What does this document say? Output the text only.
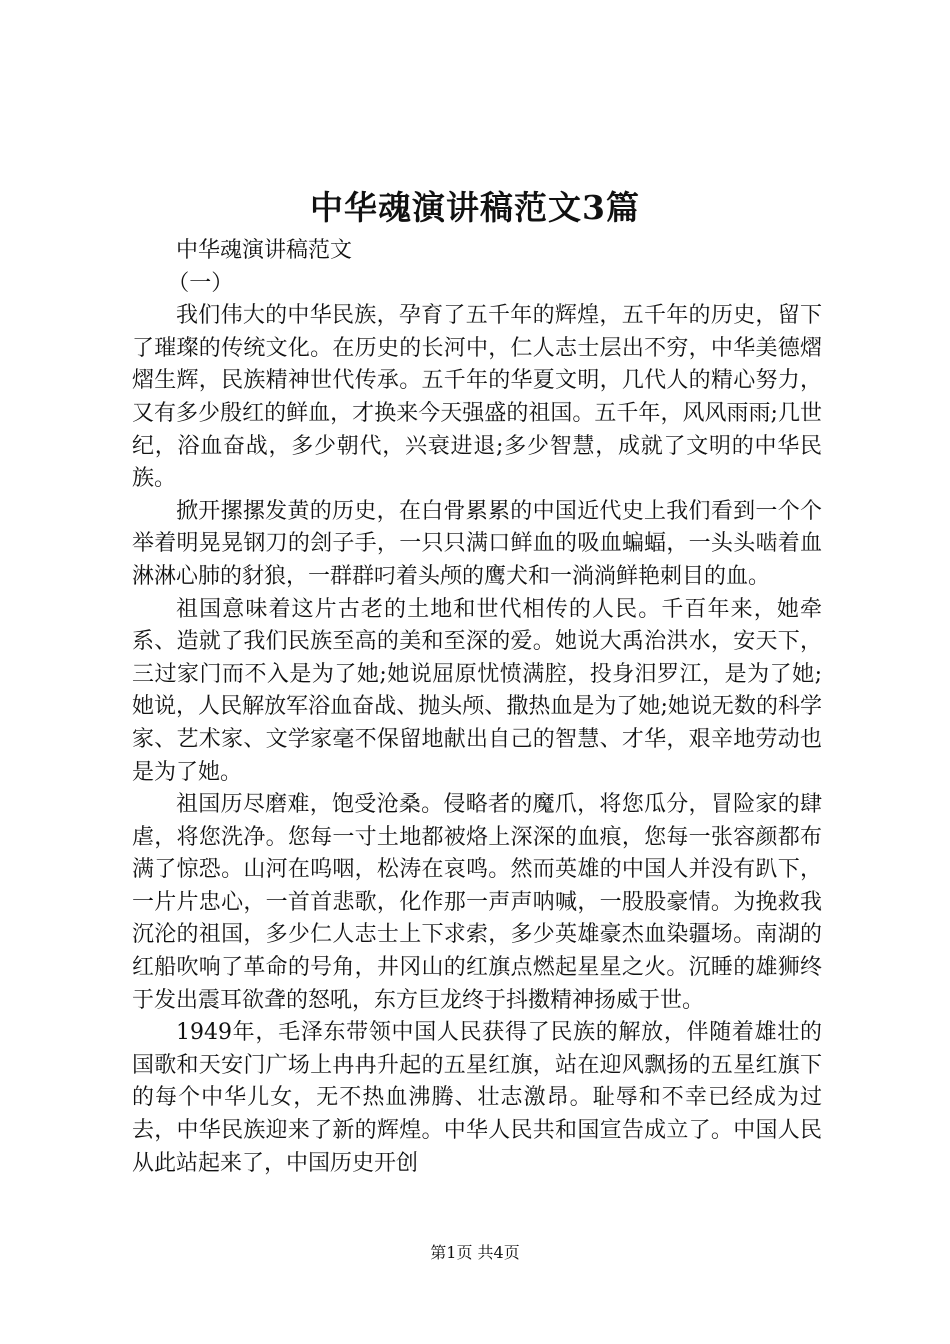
中华魂演讲稿范文3篇

中华魂演讲稿范文

（一）

我们伟大的中华民族，孕育了五千年的辉煌，五千年的历史，留下了璀璨的传统文化。在历史的长河中，仁人志士层出不穷，中华美德熠熠生辉，民族精神世代传承。五千年的华夏文明，几代人的精心努力，又有多少殷红的鲜血，才换来今天强盛的祖国。五千年，风风雨雨;几世纪，浴血奋战，多少朝代，兴衰进退;多少智慧，成就了文明的中华民族。

掀开摞摞发黄的历史，在白骨累累的中国近代史上我们看到一个个举着明晃晃钢刀的刽子手，一只只满口鲜血的吸血蝙蝠，一头头啮着血淋淋心肺的豺狼，一群群叼着头颅的鹰犬和一淌淌鲜艳刺目的血。

祖国意味着这片古老的土地和世代相传的人民。千百年来，她牵系、造就了我们民族至高的美和至深的爱。她说大禹治洪水，安天下，三过家门而不入是为了她;她说屈原忧愤满腔，投身汨罗江，是为了她;她说，人民解放军浴血奋战、抛头颅、撒热血是为了她;她说无数的科学家、艺术家、文学家毫不保留地献出自己的智慧、才华，艰辛地劳动也是为了她。

祖国历尽磨难，饱受沧桑。侵略者的魔爪，将您瓜分，冒险家的肆虐，将您洗净。您每一寸土地都被烙上深深的血痕，您每一张容颜都布满了惊恐。山河在呜咽，松涛在哀鸣。然而英雄的中国人并没有趴下，一片片忠心，一首首悲歌，化作那一声声呐喊，一股股豪情。为挽救我沉沦的祖国，多少仁人志士上下求索，多少英雄豪杰血染疆场。南湖的红船吹响了革命的号角，井冈山的红旗点燃起星星之火。沉睡的雄狮终于发出震耳欲聋的怒吼，东方巨龙终于抖擞精神扬威于世。

1949年，毛泽东带领中国人民获得了民族的解放，伴随着雄壮的国歌和天安门广场上冉冉升起的五星红旗，站在迎风飘扬的五星红旗下的每个中华儿女，无不热血沸腾、壮志激昂。耻辱和不幸已经成为过去，中华民族迎来了新的辉煌。中华人民共和国宣告成立了。中国人民从此站起来了，中国历史开创

第1页 共4页
